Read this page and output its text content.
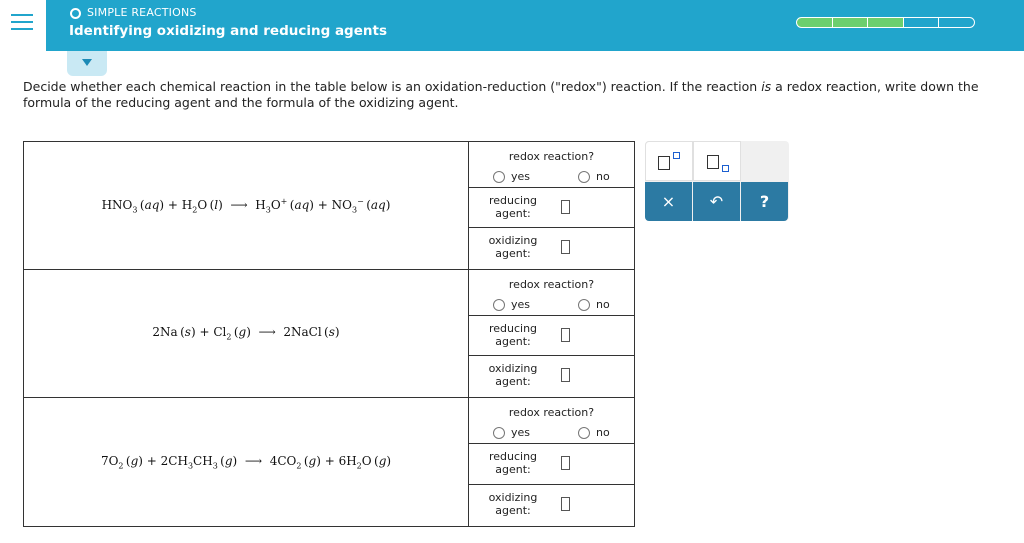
SIMPLE REACTIONS
Identifying oxidizing and reducing agents
Decide whether each chemical reaction in the table below is an oxidation-reduction ("redox") reaction. If the reaction is a redox reaction, write down the formula of the reducing agent and the formula of the oxidizing agent.
$HNO_3$ $(aq) + H_2O$ (l)  ⟶  $H_3O^+$ $(aq) + NO_3^-$ (aq)
redox reaction?
yes	no
reducing
agent:
oxidizing
agent:
2Na $(s) + Cl_2$ (g)  ⟶  2NaCl (s)
redox reaction?
yes	no
reducing
agent:
oxidizing
agent:
$7O_2$ $(g) + 2CH_3CH_3$ (g)  ⟶  $4CO_2$ $(g) + 6H_2O$ (g)
redox reaction?
yes	no
reducing
agent:
oxidizing
agent:
× ↶ ?
